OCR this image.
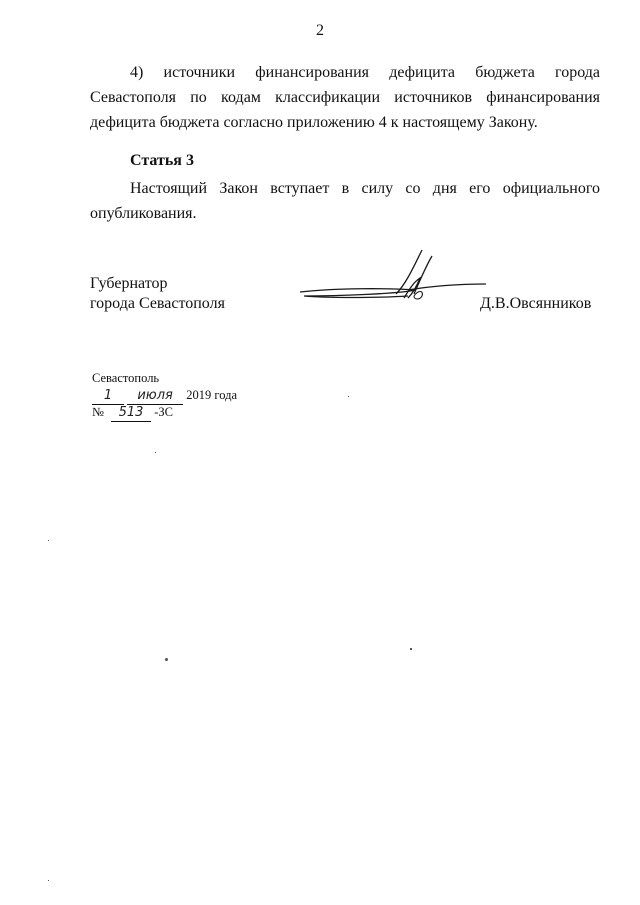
2
4) источники финансирования дефицита бюджета города Севастополя по кодам классификации источников финансирования дефицита бюджета согласно приложению 4 к настоящему Закону.
Статья 3
Настоящий Закон вступает в силу со дня его официального опубликования.
Губернатор
города Севастополя	Д.В.Овсянников
Севастополь
1 июля 2019 года
№ 513 -ЗС
